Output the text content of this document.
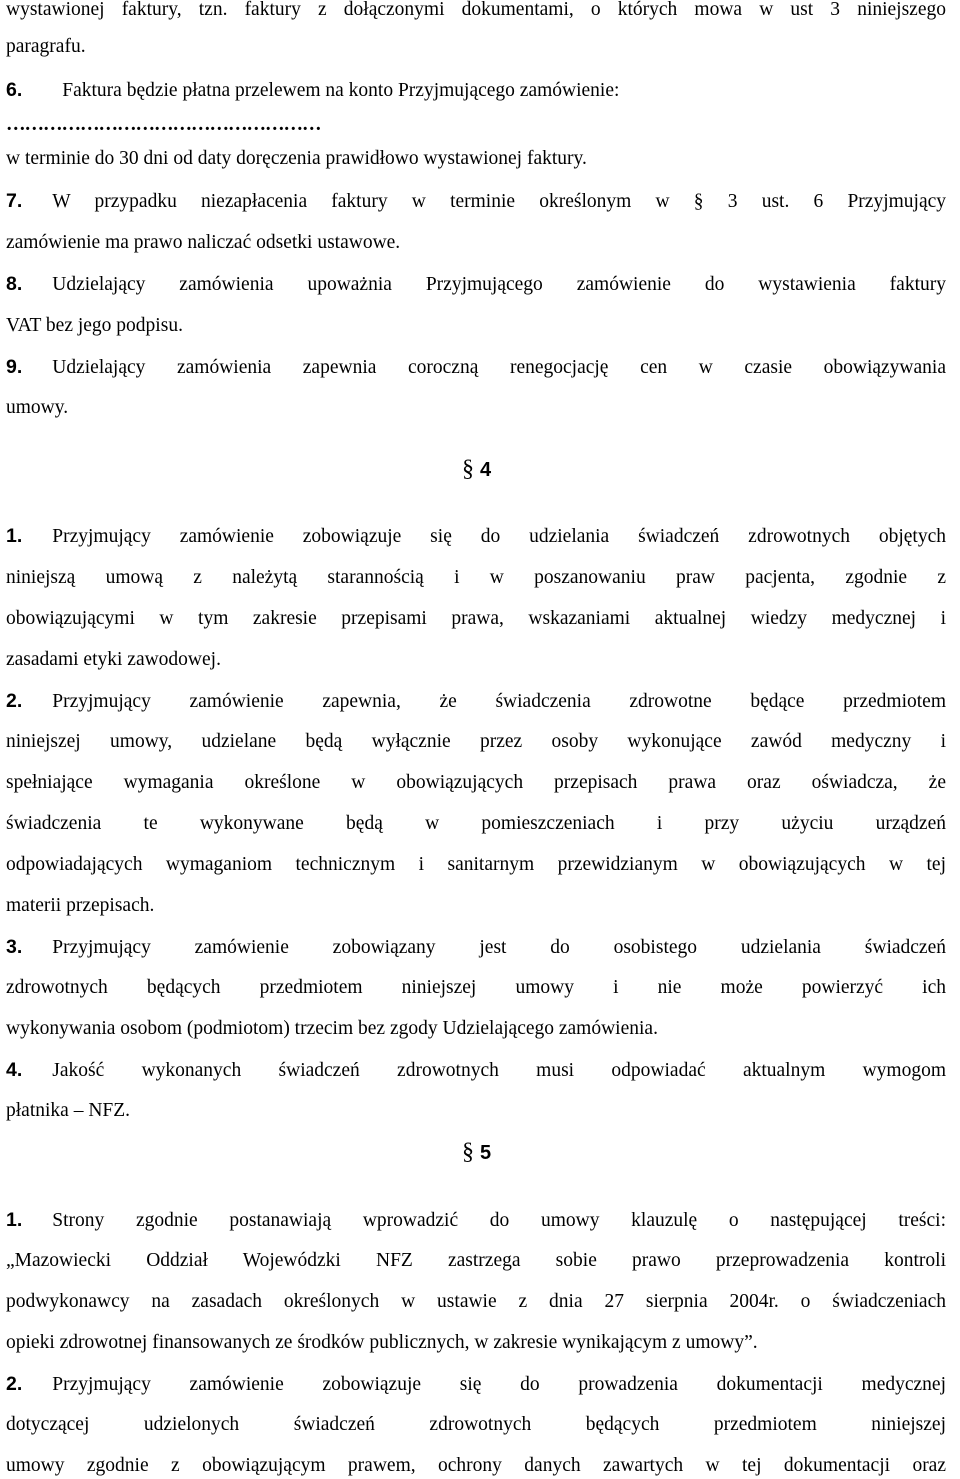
wystawionej faktury, tzn. faktury z dołączonymi dokumentami, o których mowa w ust 3 niniejszego
paragrafu.
6. Faktura będzie płatna przelewem na konto Przyjmującego zamówienie:
……………………………………………
w terminie do 30 dni od daty doręczenia prawidłowo wystawionej faktury.
7. W przypadku niezapłacenia faktury w terminie określonym w § 3 ust. 6 Przyjmujący
zamówienie ma prawo naliczać odsetki ustawowe.
8. Udzielający zamówienia upoważnia Przyjmującego zamówienie do wystawienia faktury
VAT bez jego podpisu.
9. Udzielający zamówienia zapewnia coroczną renegocjację cen w czasie obowiązywania
umowy.
§ 4
1. Przyjmujący zamówienie zobowiązuje się do udzielania świadczeń zdrowotnych objętych
niniejszą umową z należytą starannością i w poszanowaniu praw pacjenta, zgodnie z
obowiązującymi w tym zakresie przepisami prawa, wskazaniami aktualnej wiedzy medycznej i
zasadami etyki zawodowej.
2. Przyjmujący zamówienie zapewnia, że świadczenia zdrowotne będące przedmiotem
niniejszej umowy, udzielane będą wyłącznie przez osoby wykonujące zawód medyczny i
spełniające wymagania określone w obowiązujących przepisach prawa oraz oświadcza, że
świadczenia te wykonywane będą w pomieszczeniach i przy użyciu urządzeń
odpowiadających wymaganiom technicznym i sanitarnym przewidzianym w obowiązujących w tej
materii przepisach.
3. Przyjmujący zamówienie zobowiązany jest do osobistego udzielania świadczeń
zdrowotnych będących przedmiotem niniejszej umowy i nie może powierzyć ich
wykonywania osobom (podmiotom) trzecim bez zgody Udzielającego zamówienia.
4. Jakość wykonanych świadczeń zdrowotnych musi odpowiadać aktualnym wymogom
płatnika – NFZ.
§ 5
1. Strony zgodnie postanawiają wprowadzić do umowy klauzulę o następującej treści:
„Mazowiecki Oddział Wojewódzki NFZ zastrzega sobie prawo przeprowadzenia kontroli
podwykonawcy na zasadach określonych w ustawie z dnia 27 sierpnia 2004r. o świadczeniach
opieki zdrowotnej finansowanych ze środków publicznych, w zakresie wynikającym z umowy”.
2. Przyjmujący zamówienie zobowiązuje się do prowadzenia dokumentacji medycznej
dotyczącej udzielonych świadczeń zdrowotnych będących przedmiotem niniejszej
umowy zgodnie z obowiązującym prawem, ochrony danych zawartych w tej dokumentacji oraz
